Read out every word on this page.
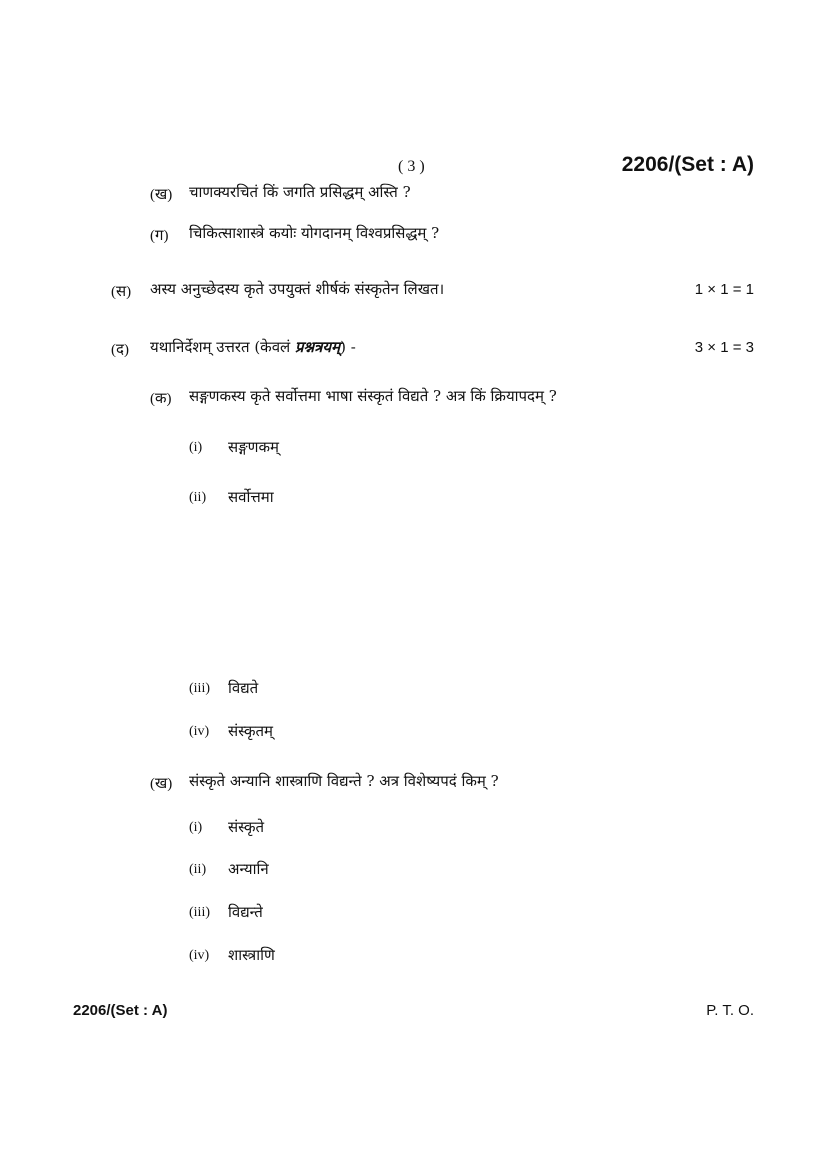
( 3 )	2206/(Set : A)
(ख) चाणक्यरचितं किं जगति प्रसिद्धम् अस्ति ?
(ग) चिकित्साशास्त्रे कयोः योगदानम् विश्वप्रसिद्धम् ?
(स) अस्य अनुच्छेदस्य कृते उपयुक्तं शीर्षकं संस्कृतेन लिखत।	1 × 1 = 1
(द) यथानिर्देशम् उत्तरत (केवलं प्रश्नत्रयम्) -	3 × 1 = 3
(क) सङ्गणकस्य कृते सर्वोत्तमा भाषा संस्कृतं विद्यते ? अत्र किं क्रियापदम् ?
(i) सङ्गणकम्
(ii) सर्वोत्तमा
(iii) विद्यते
(iv) संस्कृतम्
(ख) संस्कृते अन्यानि शास्त्राणि विद्यन्ते ? अत्र विशेष्यपदं किम् ?
(i) संस्कृते
(ii) अन्यानि
(iii) विद्यन्ते
(iv) शास्त्राणि
2206/(Set : A)	P. T. O.
